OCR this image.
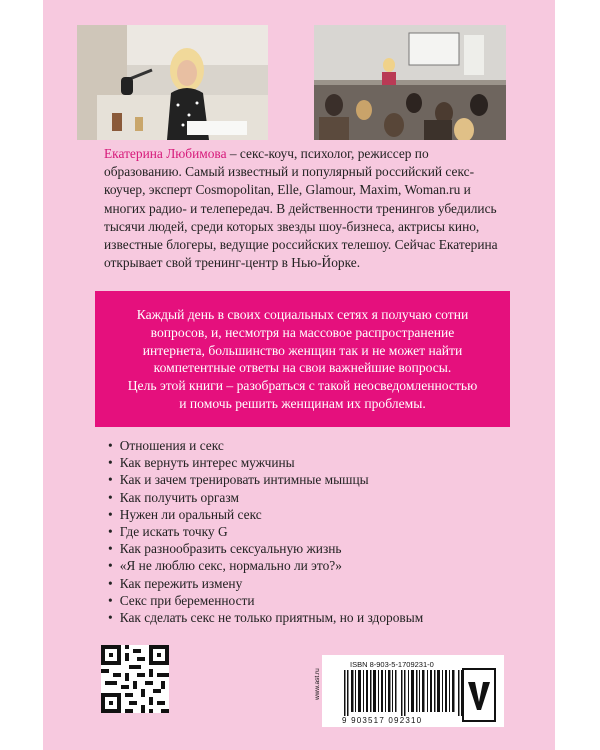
Екатерина Любимова – секс-коуч, психолог, режиссер по образованию. Самый известный и популярный российский секс-коучер, эксперт Cosmopolitan, Elle, Glamour, Maxim, Woman.ru и многих радио- и телепередач. В действенности тренингов убедились тысячи людей, среди которых звезды шоу-бизнеса, актрисы кино, известные блогеры, ведущие российских телешоу. Сейчас Екатерина открывает свой тренинг-центр в Нью-Йорке.
Каждый день в своих социальных сетях я получаю сотни
вопросов, и, несмотря на массовое распространение
интернета, большинство женщин так и не может найти
компетентные ответы на свои важнейшие вопросы.
Цель этой книги – разобраться с такой неосведомленностью
и помочь решить женщинам их проблемы.
• Отношения и секс
• Как вернуть интерес мужчины
• Как и зачем тренировать интимные мышцы
• Как получить оргазм
• Нужен ли оральный секс
• Где искать точку G
• Как разнообразить сексуальную жизнь
• «Я не люблю секс, нормально ли это?»
• Как пережить измену
• Секс при беременности
• Как сделать секс не только приятным, но и здоровым
ISBN 8-903-5-1709231-0
www.ast.ru
9 903517 092310
